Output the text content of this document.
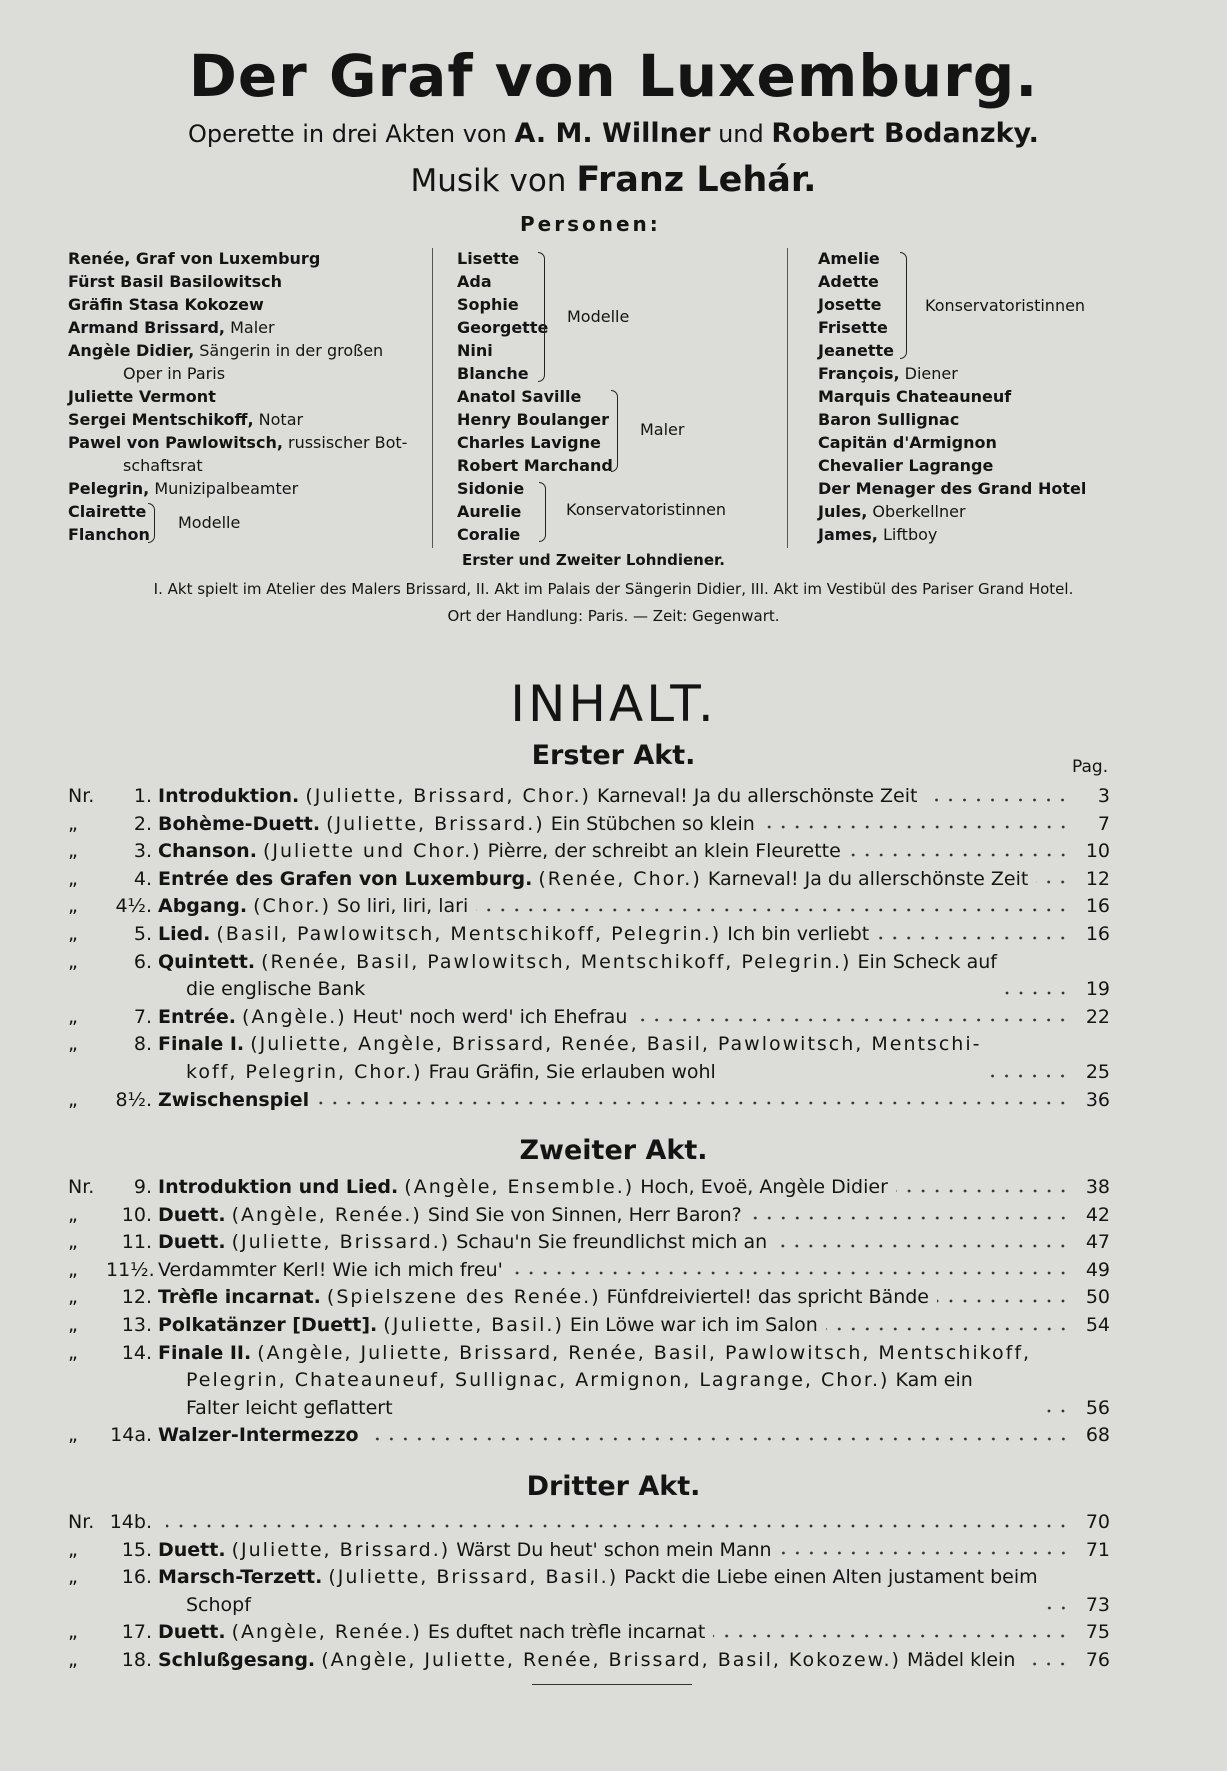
Der Graf von Luxemburg.
Operette in drei Akten von A. M. Willner und Robert Bodanzky.
Musik von Franz Lehár.
Personen:
Renée, Graf von Luxemburg
Fürst Basil Basilowitsch
Gräfin Stasa Kokozew
Armand Brissard, Maler
Angèle Didier, Sängerin in der großen
Oper in Paris
Juliette Vermont
Sergei Mentschikoff, Notar
Pawel von Pawlowitsch, russischer Bot-
schaftsrat
Pelegrin, Munizipalbeamter
Clairette
Flanchon
Lisette
Ada
Sophie
Georgette
Nini
Blanche
Anatol Saville
Henry Boulanger
Charles Lavigne
Robert Marchand
Sidonie
Aurelie
Coralie
Amelie
Adette
Josette
Frisette
Jeanette
François, Diener
Marquis Chateauneuf
Baron Sullignac
Capitän d'Armignon
Chevalier Lagrange
Der Menager des Grand Hotel
Jules, Oberkellner
James, Liftboy
Modelle
Modelle
Maler
Konservatoristinnen
Konservatoristinnen
Erster und Zweiter Lohndiener.
I. Akt spielt im Atelier des Malers Brissard, II. Akt im Palais der Sängerin Didier, III. Akt im Vestibül des Pariser Grand Hotel.
Ort der Handlung: Paris. — Zeit: Gegenwart.
INHALT.
Pag.
Erster Akt.
Nr.	1. Introduktion. (Juliette, Brissard, Chor.) Karneval! Ja du allerschönste Zeit	3
„	2. Bohème-Duett. (Juliette, Brissard.) Ein Stübchen so klein	7
„	3. Chanson. (Juliette und Chor.) Pièrre, der schreibt an klein Fleurette	10
„	4. Entrée des Grafen von Luxemburg. (Renée, Chor.) Karneval! Ja du allerschönste Zeit	12
„	4½. Abgang. (Chor.) So liri, liri, lari	16
„	5. Lied. (Basil, Pawlowitsch, Mentschikoff, Pelegrin.) Ich bin verliebt	16
„	6. Quintett. (Renée, Basil, Pawlowitsch, Mentschikoff, Pelegrin.) Ein Scheck auf
die englische Bank	19
„	7. Entrée. (Angèle.) Heut' noch werd' ich Ehefrau	22
„	8. Finale I. (Juliette, Angèle, Brissard, Renée, Basil, Pawlowitsch, Mentschi-
koff, Pelegrin, Chor.) Frau Gräfin, Sie erlauben wohl	25
„	8½. Zwischenspiel	36
Zweiter Akt.
Nr.	9. Introduktion und Lied. (Angèle, Ensemble.) Hoch, Evoë, Angèle Didier	38
„	10. Duett. (Angèle, Renée.) Sind Sie von Sinnen, Herr Baron?	42
„	11. Duett. (Juliette, Brissard.) Schau'n Sie freundlichst mich an	47
„	11½. Verdammter Kerl! Wie ich mich freu'	49
„	12. Trèfle incarnat. (Spielszene des Renée.) Fünfdreiviertel! das spricht Bände	50
„	13. Polkatänzer [Duett]. (Juliette, Basil.) Ein Löwe war ich im Salon	54
„	14. Finale II. (Angèle, Juliette, Brissard, Renée, Basil, Pawlowitsch, Mentschikoff,
Pelegrin, Chateauneuf, Sullignac, Armignon, Lagrange, Chor.) Kam ein
Falter leicht geflattert	56
„	14a. Walzer-Intermezzo	68
Dritter Akt.
Nr. 14b.	70
„	15. Duett. (Juliette, Brissard.) Wärst Du heut' schon mein Mann	71
„	16. Marsch-Terzett. (Juliette, Brissard, Basil.) Packt die Liebe einen Alten justament beim
Schopf	73
„	17. Duett. (Angèle, Renée.) Es duftet nach trèfle incarnat	75
„	18. Schlußgesang. (Angèle, Juliette, Renée, Brissard, Basil, Kokozew.) Mädel klein	76
